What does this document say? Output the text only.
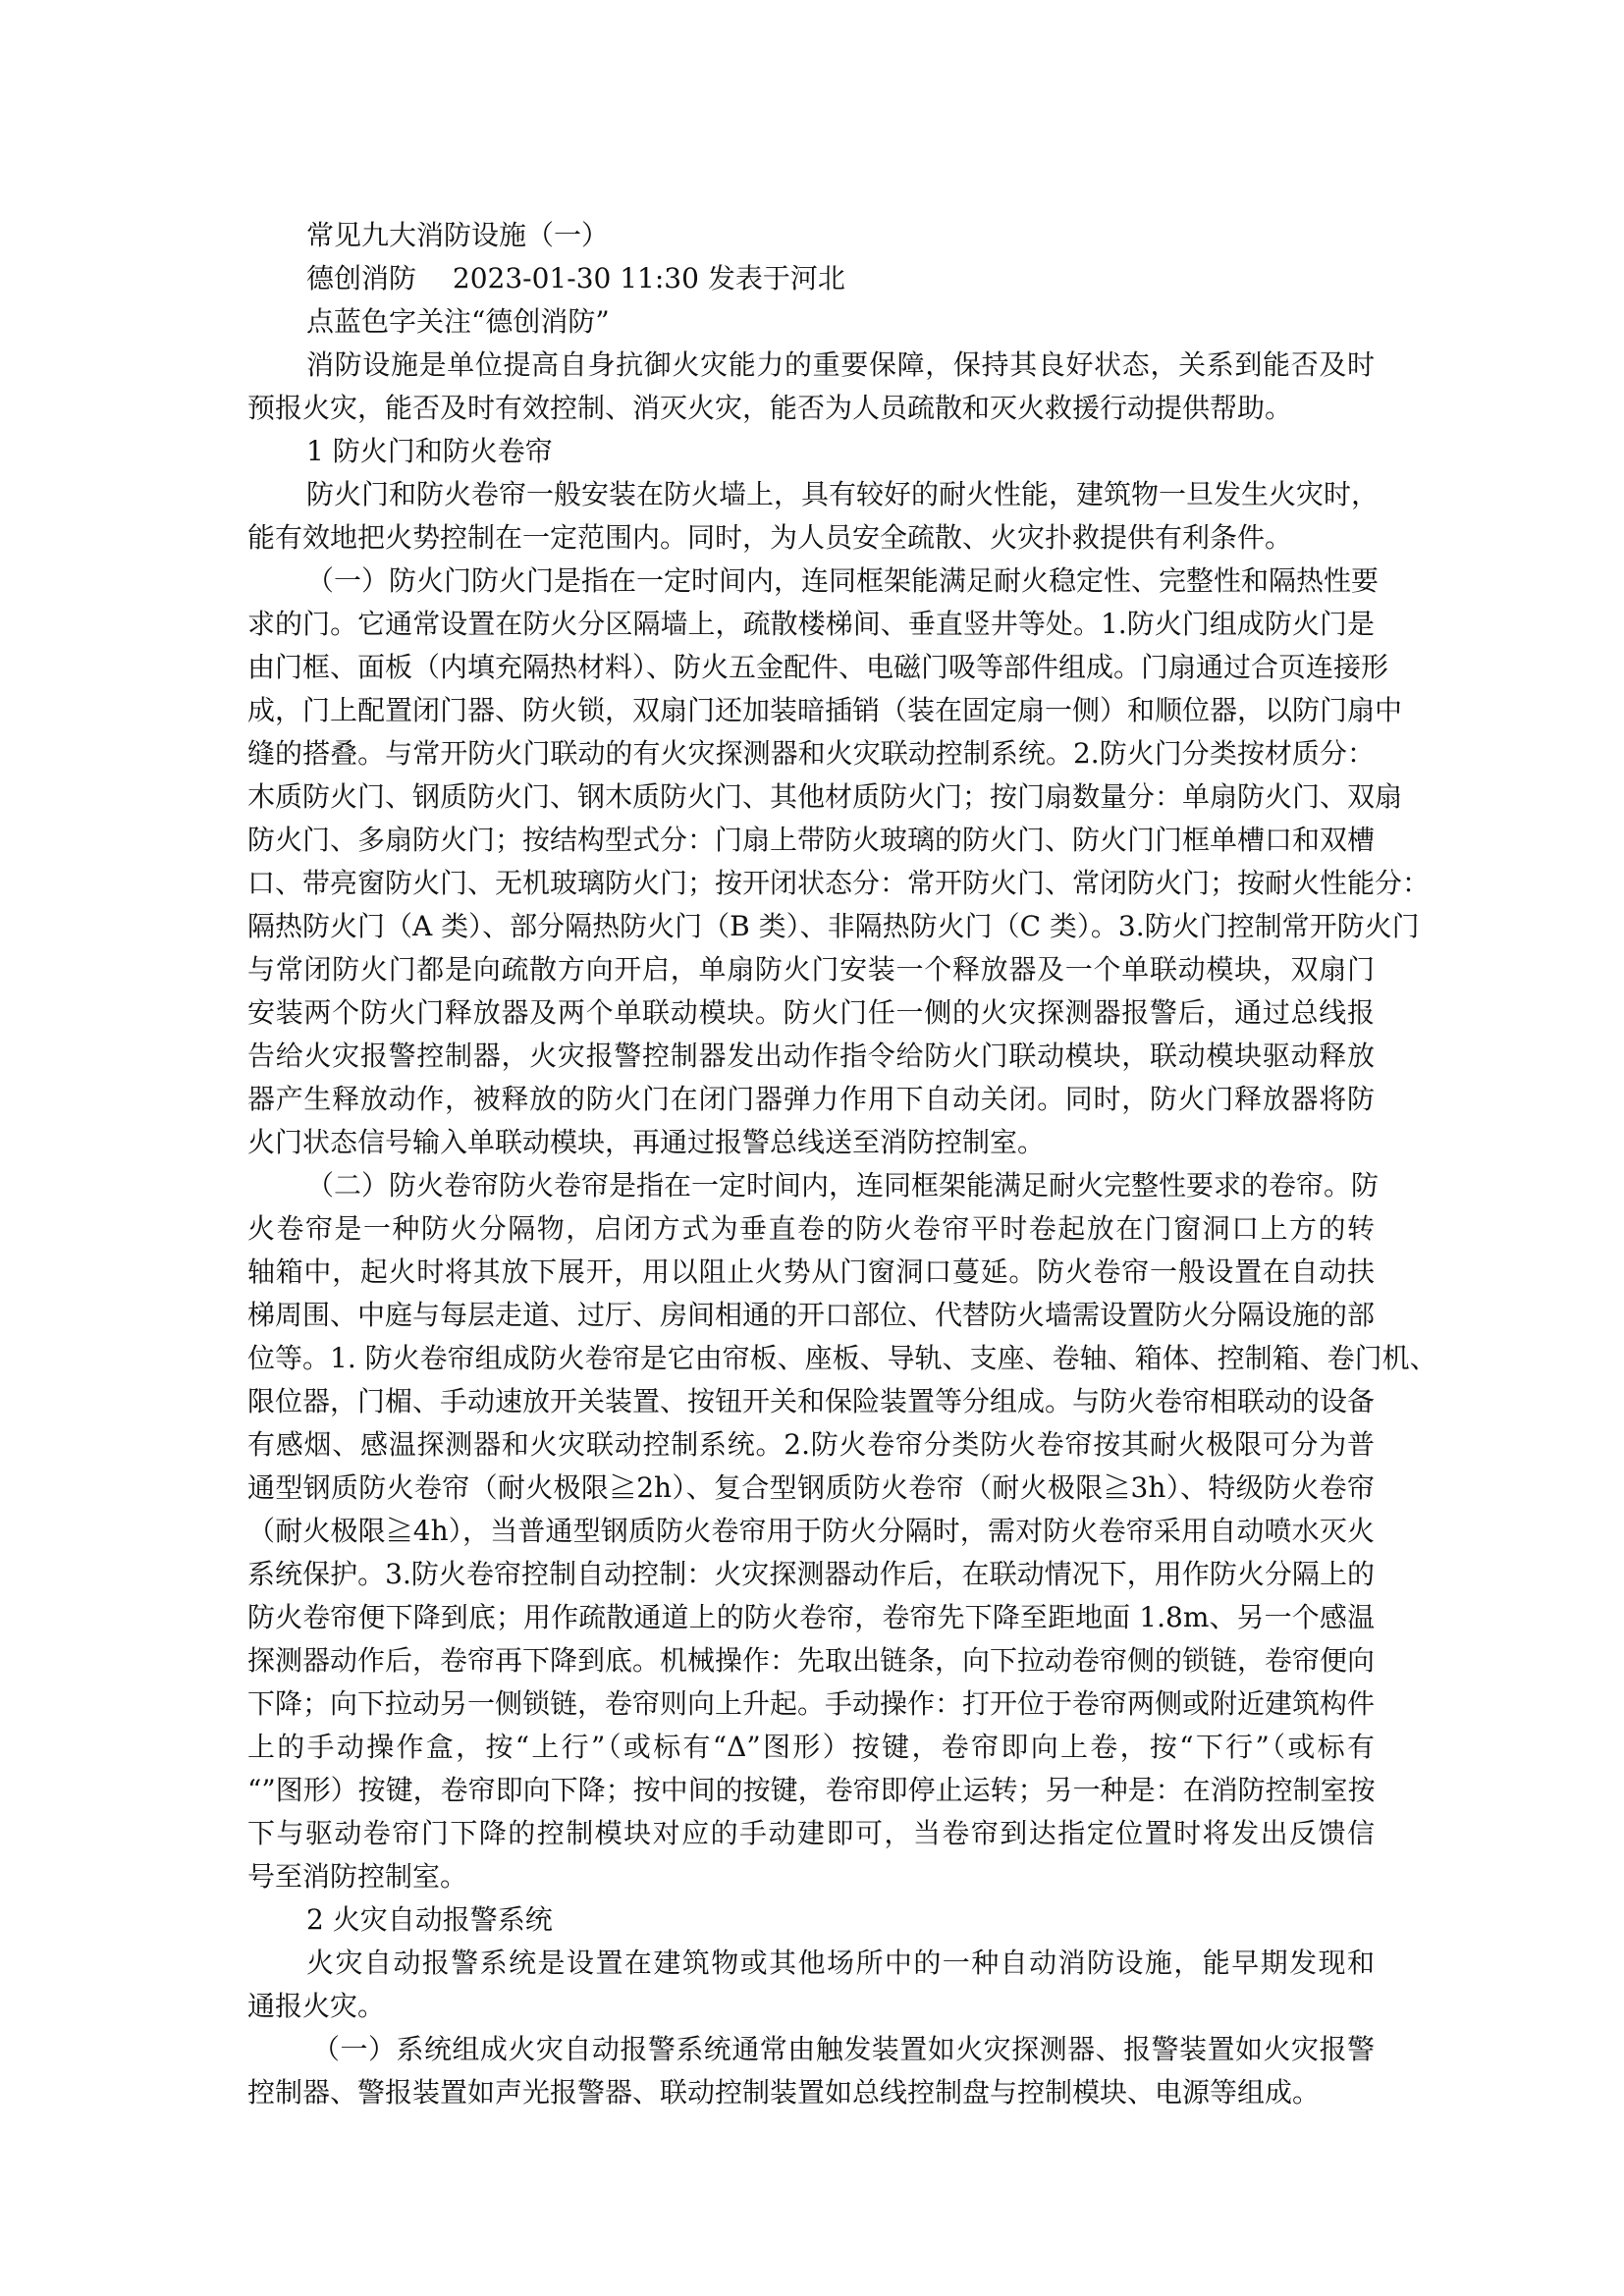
常见九大消防设施（一）
德创消防　 2023-01-30 11:30 发表于河北
点蓝色字关注“德创消防”
消防设施是单位提高自身抗御火灾能力的重要保障，保持其良好状态，关系到能否及时
预报火灾，能否及时有效控制、消灭火灾，能否为人员疏散和灭火救援行动提供帮助。
1 防火门和防火卷帘
防火门和防火卷帘一般安装在防火墙上，具有较好的耐火性能，建筑物一旦发生火灾时，
能有效地把火势控制在一定范围内。同时，为人员安全疏散、火灾扑救提供有利条件。
（一）防火门防火门是指在一定时间内，连同框架能满足耐火稳定性、完整性和隔热性要
求的门。它通常设置在防火分区隔墙上，疏散楼梯间、垂直竖井等处。1.防火门组成防火门是
由门框、面板（内填充隔热材料）、防火五金配件、电磁门吸等部件组成。门扇通过合页连接形
成，门上配置闭门器、防火锁，双扇门还加装暗插销（装在固定扇一侧）和顺位器，以防门扇中
缝的搭叠。与常开防火门联动的有火灾探测器和火灾联动控制系统。2.防火门分类按材质分：
木质防火门、钢质防火门、钢木质防火门、其他材质防火门；按门扇数量分：单扇防火门、双扇
防火门、多扇防火门；按结构型式分：门扇上带防火玻璃的防火门、防火门门框单槽口和双槽
口、带亮窗防火门、无机玻璃防火门；按开闭状态分：常开防火门、常闭防火门；按耐火性能分：
隔热防火门（A 类）、部分隔热防火门（B 类）、非隔热防火门（C 类）。3.防火门控制常开防火门
与常闭防火门都是向疏散方向开启，单扇防火门安装一个释放器及一个单联动模块，双扇门
安装两个防火门释放器及两个单联动模块。防火门任一侧的火灾探测器报警后，通过总线报
告给火灾报警控制器，火灾报警控制器发出动作指令给防火门联动模块，联动模块驱动释放
器产生释放动作，被释放的防火门在闭门器弹力作用下自动关闭。同时，防火门释放器将防
火门状态信号输入单联动模块，再通过报警总线送至消防控制室。
（二）防火卷帘防火卷帘是指在一定时间内，连同框架能满足耐火完整性要求的卷帘。防
火卷帘是一种防火分隔物，启闭方式为垂直卷的防火卷帘平时卷起放在门窗洞口上方的转
轴箱中，起火时将其放下展开，用以阻止火势从门窗洞口蔓延。防火卷帘一般设置在自动扶
梯周围、中庭与每层走道、过厅、房间相通的开口部位、代替防火墙需设置防火分隔设施的部
位等。1. 防火卷帘组成防火卷帘是它由帘板、座板、导轨、支座、卷轴、箱体、控制箱、卷门机、
限位器，门楣、手动速放开关装置、按钮开关和保险装置等分组成。与防火卷帘相联动的设备
有感烟、感温探测器和火灾联动控制系统。2.防火卷帘分类防火卷帘按其耐火极限可分为普
通型钢质防火卷帘（耐火极限≧2h）、复合型钢质防火卷帘（耐火极限≧3h）、特级防火卷帘
（耐火极限≧4h），当普通型钢质防火卷帘用于防火分隔时，需对防火卷帘采用自动喷水灭火
系统保护。3.防火卷帘控制自动控制：火灾探测器动作后，在联动情况下，用作防火分隔上的
防火卷帘便下降到底；用作疏散通道上的防火卷帘，卷帘先下降至距地面 1.8m、另一个感温
探测器动作后，卷帘再下降到底。机械操作：先取出链条，向下拉动卷帘侧的锁链，卷帘便向
下降；向下拉动另一侧锁链，卷帘则向上升起。手动操作：打开位于卷帘两侧或附近建筑构件
上的手动操作盒，按“上行”（或标有“Δ”图形）按键，卷帘即向上卷，按“下行”（或标有
“”图形）按键，卷帘即向下降；按中间的按键，卷帘即停止运转；另一种是：在消防控制室按
下与驱动卷帘门下降的控制模块对应的手动建即可，当卷帘到达指定位置时将发出反馈信
号至消防控制室。
2 火灾自动报警系统
火灾自动报警系统是设置在建筑物或其他场所中的一种自动消防设施，能早期发现和
通报火灾。
（一）系统组成火灾自动报警系统通常由触发装置如火灾探测器、报警装置如火灾报警
控制器、警报装置如声光报警器、联动控制装置如总线控制盘与控制模块、电源等组成。
